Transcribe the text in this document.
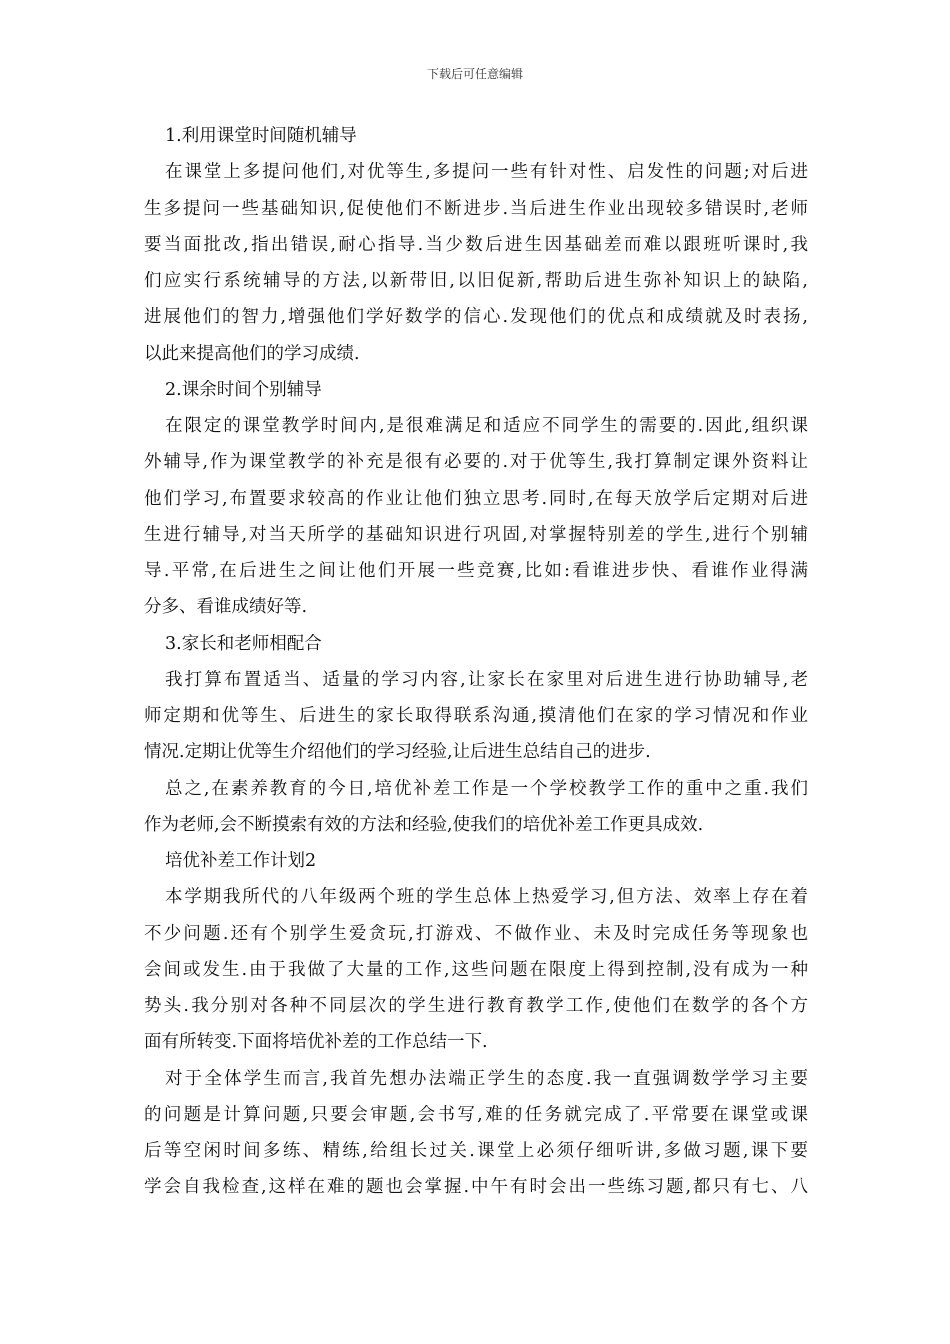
下载后可任意编辑
1.利用课堂时间随机辅导
在课堂上多提问他们,对优等生,多提问一些有针对性、启发性的问题;对后进
生多提问一些基础知识,促使他们不断进步.当后进生作业出现较多错误时,老师
要当面批改,指出错误,耐心指导.当少数后进生因基础差而难以跟班听课时,我
们应实行系统辅导的方法,以新带旧,以旧促新,帮助后进生弥补知识上的缺陷,
进展他们的智力,增强他们学好数学的信心.发现他们的优点和成绩就及时表扬,
以此来提高他们的学习成绩.
2.课余时间个别辅导
在限定的课堂教学时间内,是很难满足和适应不同学生的需要的.因此,组织课
外辅导,作为课堂教学的补充是很有必要的.对于优等生,我打算制定课外资料让
他们学习,布置要求较高的作业让他们独立思考.同时,在每天放学后定期对后进
生进行辅导,对当天所学的基础知识进行巩固,对掌握特别差的学生,进行个别辅
导.平常,在后进生之间让他们开展一些竞赛,比如:看谁进步快、看谁作业得满
分多、看谁成绩好等.
3.家长和老师相配合
我打算布置适当、适量的学习内容,让家长在家里对后进生进行协助辅导,老
师定期和优等生、后进生的家长取得联系沟通,摸清他们在家的学习情况和作业
情况.定期让优等生介绍他们的学习经验,让后进生总结自己的进步.
总之,在素养教育的今日,培优补差工作是一个学校教学工作的重中之重.我们
作为老师,会不断摸索有效的方法和经验,使我们的培优补差工作更具成效.
培优补差工作计划2
本学期我所代的八年级两个班的学生总体上热爱学习,但方法、效率上存在着
不少问题.还有个别学生爱贪玩,打游戏、不做作业、未及时完成任务等现象也
会间或发生.由于我做了大量的工作,这些问题在限度上得到控制,没有成为一种
势头.我分别对各种不同层次的学生进行教育教学工作,使他们在数学的各个方
面有所转变.下面将培优补差的工作总结一下.
对于全体学生而言,我首先想办法端正学生的态度.我一直强调数学学习主要
的问题是计算问题,只要会审题,会书写,难的任务就完成了.平常要在课堂或课
后等空闲时间多练、精练,给组长过关.课堂上必须仔细听讲,多做习题,课下要
学会自我检查,这样在难的题也会掌握.中午有时会出一些练习题,都只有七、八
